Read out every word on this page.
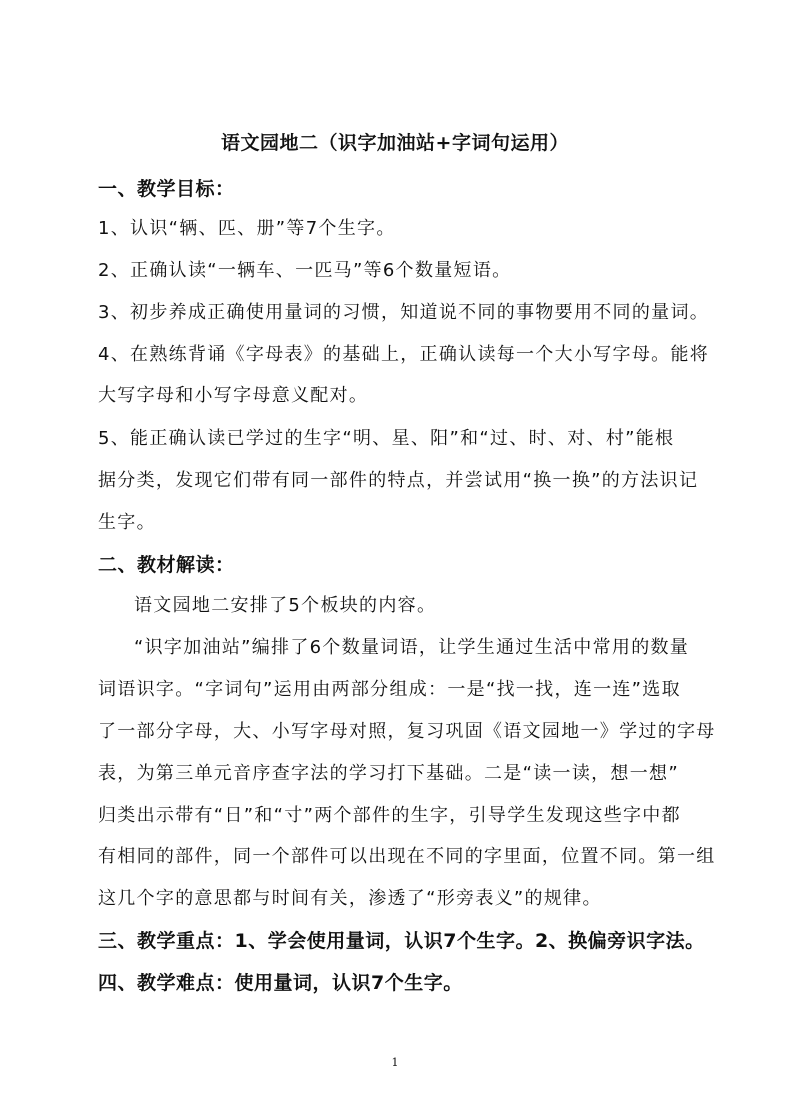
语文园地二（识字加油站+字词句运用）
一、教学目标：
1、认识“辆、匹、册”等7个生字。
2、正确认读“一辆车、一匹马”等6个数量短语。
3、初步养成正确使用量词的习惯，知道说不同的事物要用不同的量词。
4、在熟练背诵《字母表》的基础上，正确认读每一个大小写字母。能将
大写字母和小写字母意义配对。
5、能正确认读已学过的生字“明、星、阳”和“过、时、对、村”能根
据分类，发现它们带有同一部件的特点，并尝试用“换一换”的方法识记
生字。
二、教材解读：
语文园地二安排了5个板块的内容。
“识字加油站”编排了6个数量词语，让学生通过生活中常用的数量
词语识字。“字词句”运用由两部分组成：一是“找一找，连一连”选取
了一部分字母，大、小写字母对照，复习巩固《语文园地一》学过的字母
表，为第三单元音序查字法的学习打下基础。二是“读一读，想一想”
归类出示带有“日”和“寸”两个部件的生字，引导学生发现这些字中都
有相同的部件，同一个部件可以出现在不同的字里面，位置不同。第一组
这几个字的意思都与时间有关，渗透了“形旁表义”的规律。
三、教学重点：1、学会使用量词，认识7个生字。2、换偏旁识字法。
四、教学难点：使用量词，认识7个生字。
1
